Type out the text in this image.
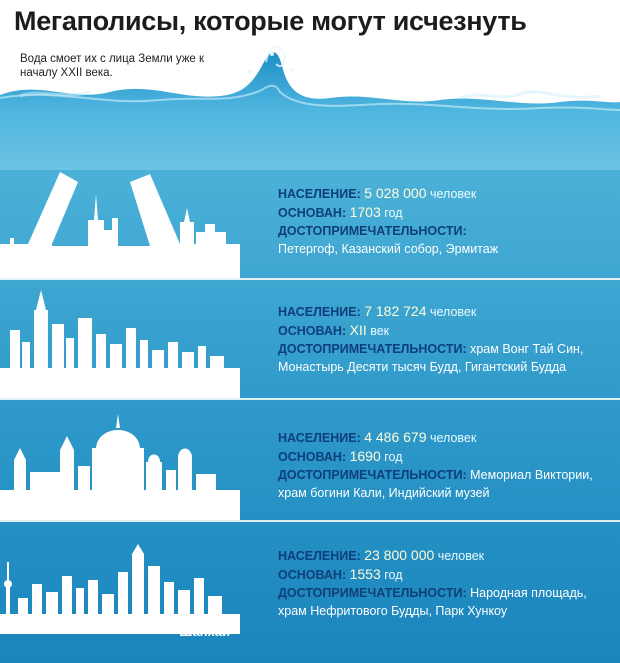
Мегаполисы, которые могут исчезнуть
Вода смоет их с лица Земли уже к началу XXII века.
Санкт-Петербург
НАСЕЛЕНИЕ: 5 028 000 человек
ОСНОВАН: 1703 год
ДОСТОПРИМЕЧАТЕЛЬНОСТИ:
Петергоф, Казанский собор, Эрмитаж
Гонконг
НАСЕЛЕНИЕ: 7 182 724 человек
ОСНОВАН: XII век
ДОСТОПРИМЕЧАТЕЛЬНОСТИ: храм Вонг Тай Син,
Монастырь Десяти тысяч Будд, Гигантский Будда
Калькутта
НАСЕЛЕНИЕ: 4 486 679 человек
ОСНОВАН: 1690 год
ДОСТОПРИМЕЧАТЕЛЬНОСТИ: Мемориал Виктории,
храм богини Кали, Индийский музей
Шанхай
НАСЕЛЕНИЕ: 23 800 000 человек
ОСНОВАН: 1553 год
ДОСТОПРИМЕЧАТЕЛЬНОСТИ: Народная площадь,
храм Нефритового Будды, Парк Хункоу
